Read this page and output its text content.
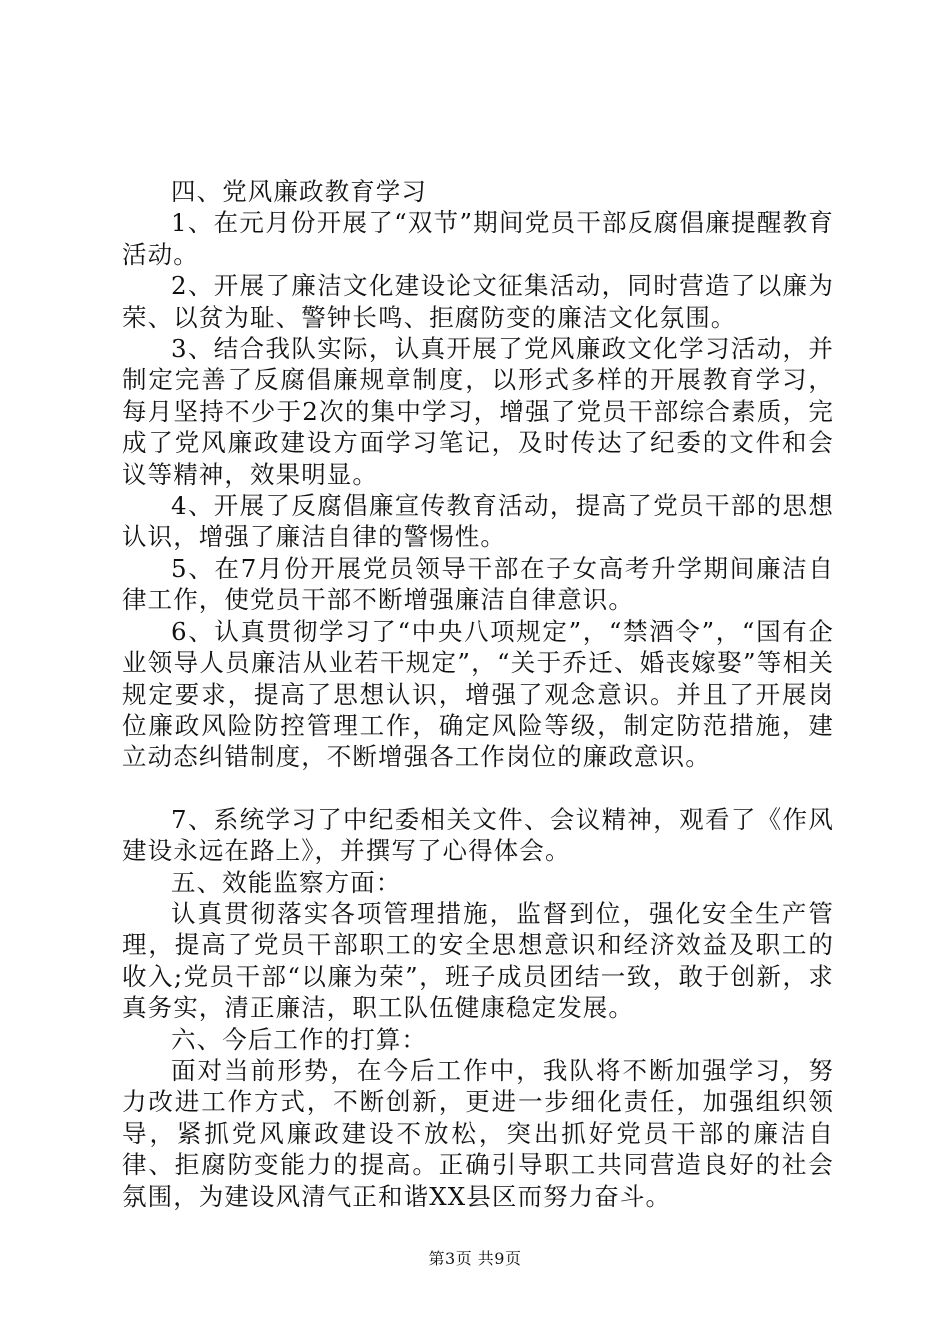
四、党风廉政教育学习

1、在元月份开展了“双节”期间党员干部反腐倡廉提醒教育活动。

2、开展了廉洁文化建设论文征集活动，同时营造了以廉为荣、以贫为耻、警钟长鸣、拒腐防变的廉洁文化氛围。

3、结合我队实际，认真开展了党风廉政文化学习活动，并制定完善了反腐倡廉规章制度，以形式多样的开展教育学习，每月坚持不少于2次的集中学习，增强了党员干部综合素质，完成了党风廉政建设方面学习笔记，及时传达了纪委的文件和会议等精神，效果明显。

4、开展了反腐倡廉宣传教育活动，提高了党员干部的思想认识，增强了廉洁自律的警惕性。

5、在7月份开展党员领导干部在子女高考升学期间廉洁自律工作，使党员干部不断增强廉洁自律意识。

6、认真贯彻学习了“中央八项规定”，“禁酒令”，“国有企业领导人员廉洁从业若干规定”，“关于乔迁、婚丧嫁娶”等相关规定要求，提高了思想认识，增强了观念意识。并且了开展岗位廉政风险防控管理工作，确定风险等级，制定防范措施，建立动态纠错制度，不断增强各工作岗位的廉政意识。

7、系统学习了中纪委相关文件、会议精神，观看了《作风建设永远在路上》，并撰写了心得体会。

五、效能监察方面：

认真贯彻落实各项管理措施，监督到位，强化安全生产管理，提高了党员干部职工的安全思想意识和经济效益及职工的收入;党员干部“以廉为荣”，班子成员团结一致，敢于创新，求真务实，清正廉洁，职工队伍健康稳定发展。

六、今后工作的打算：

面对当前形势，在今后工作中，我队将不断加强学习，努力改进工作方式，不断创新，更进一步细化责任，加强组织领导，紧抓党风廉政建设不放松，突出抓好党员干部的廉洁自律、拒腐防变能力的提高。正确引导职工共同营造良好的社会氛围，为建设风清气正和谐XX县区而努力奋斗。

第3页 共9页
